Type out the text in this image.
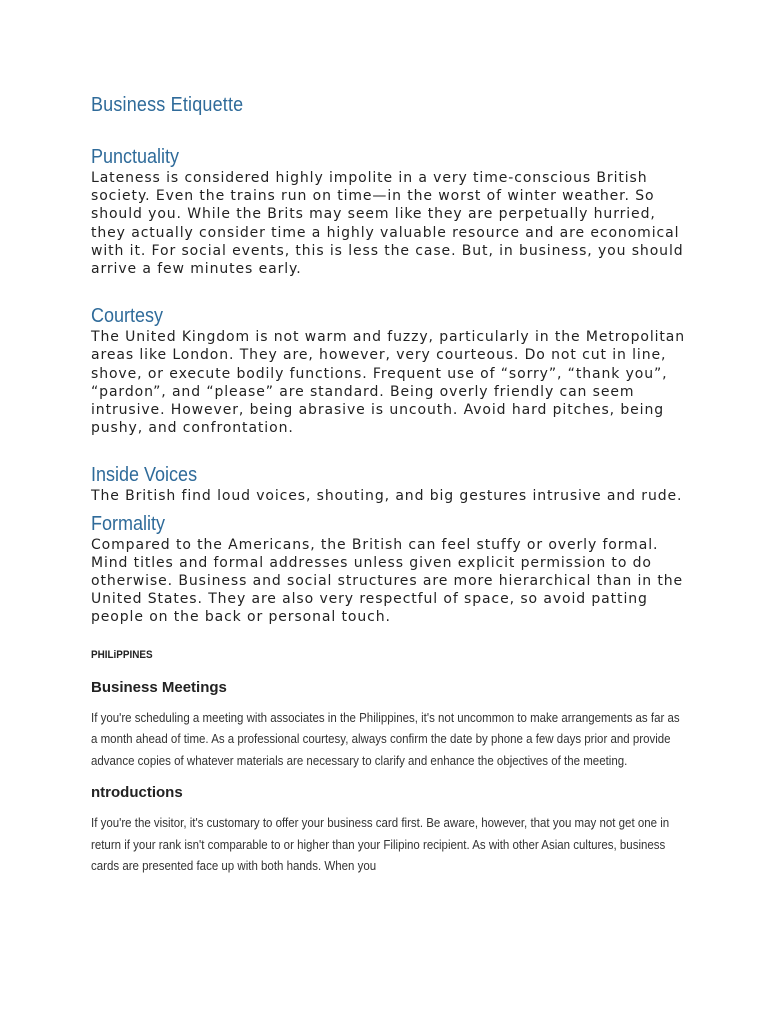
Business Etiquette
Punctuality

Lateness is considered highly impolite in a very time-conscious British society. Even the trains run on time—in the worst of winter weather. So should you. While the Brits may seem like they are perpetually hurried, they actually consider time a highly valuable resource and are economical with it. For social events, this is less the case. But, in business, you should arrive a few minutes early.

Courtesy

The United Kingdom is not warm and fuzzy, particularly in the Metropolitan areas like London. They are, however, very courteous. Do not cut in line, shove, or execute bodily functions. Frequent use of “sorry”, “thank you”, “pardon”, and “please” are standard. Being overly friendly can seem intrusive. However, being abrasive is uncouth. Avoid hard pitches, being pushy, and confrontation.

Inside Voices

The British find loud voices, shouting, and big gestures intrusive and rude.

Formality

Compared to the Americans, the British can feel stuffy or overly formal. Mind titles and formal addresses unless given explicit permission to do otherwise. Business and social structures are more hierarchical than in the United States. They are also very respectful of space, so avoid patting people on the back or personal touch.

PHILiPPINES
Business Meetings

If you're scheduling a meeting with associates in the Philippines, it's not uncommon to make arrangements as far as a month ahead of time. As a professional courtesy, always confirm the date by phone a few days prior and provide advance copies of whatever materials are necessary to clarify and enhance the objectives of the meeting.

ntroductions

If you're the visitor, it's customary to offer your business card first. Be aware, however, that you may not get one in return if your rank isn't comparable to or higher than your Filipino recipient. As with other Asian cultures, business cards are presented face up with both hands. When you
